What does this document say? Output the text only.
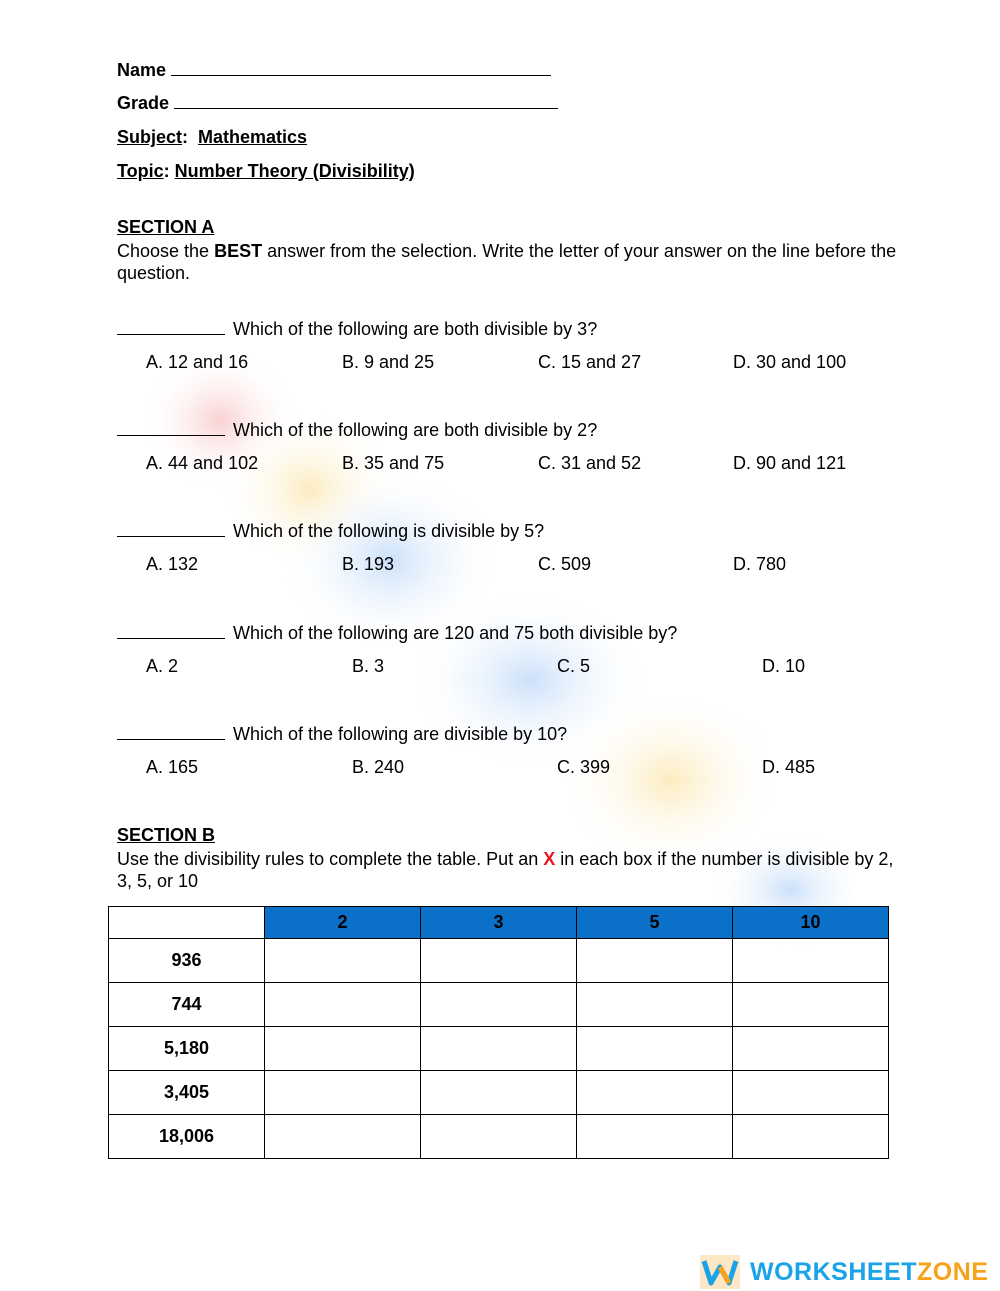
Name
Grade
Subject:  Mathematics
Topic: Number Theory (Divisibility)
SECTION A
Choose the BEST answer from the selection. Write the letter of your answer on the line before the question.
Which of the following are both divisible by 3?
A. 12 and 16	B. 9 and 25	C. 15 and 27	D. 30 and 100
Which of the following are both divisible by 2?
A. 44 and 102	B. 35 and 75	C. 31 and 52	D. 90 and 121
Which of the following is divisible by 5?
A. 132	B. 193	C. 509	D. 780
Which of the following are 120 and 75 both divisible by?
A. 2	B. 3	C. 5	D. 10
Which of the following are divisible by 10?
A. 165	B. 240	C. 399	D. 485
SECTION B
Use the divisibility rules to complete the table. Put an X in each box if the number is divisible by 2, 3, 5, or 10
	2	3	5	10
936				
744				
5,180				
3,405				
18,006				
WORKSHEETZONE
